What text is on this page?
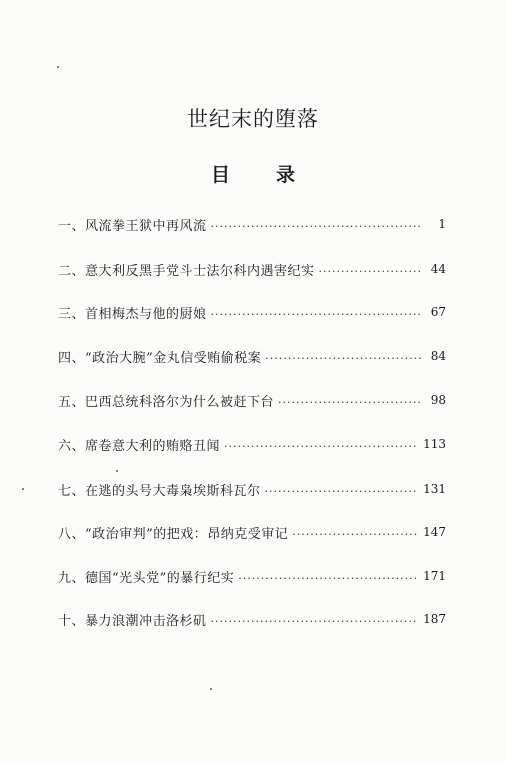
世纪末的堕落
目 录
一、风流拳王狱中再风流 .....	1
二、意大利反黑手党斗士法尔科内遇害纪实 .....	44
三、首相梅杰与他的厨娘 .....	67
四、“政治大腕”金丸信受贿偷税案 .....	84
五、巴西总统科洛尔为什么被赶下台 .....	98
六、席卷意大利的贿赂丑闻 .....	113
七、在逃的头号大毒枭埃斯科瓦尔 .....	131
八、“政治审判”的把戏：昂纳克受审记 .....	147
九、德国“光头党”的暴行纪实 .....	171
十、暴力浪潮冲击洛杉矶 .....	187
